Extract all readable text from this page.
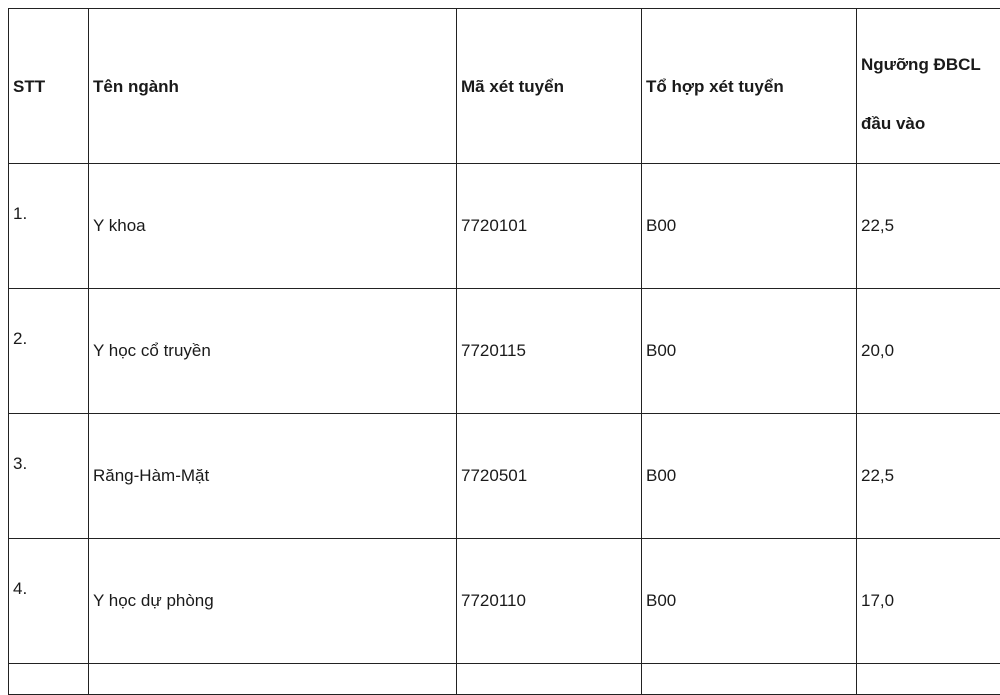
STT	Tên ngành	Mã xét tuyển	Tổ hợp xét tuyển	Ngưỡng ĐBCL
đầu vào

1.	Y khoa	7720101	B00	22,5

2.	Y học cổ truyền	7720115	B00	20,0

3.	Răng-Hàm-Mặt	7720501	B00	22,5

4.	Y học dự phòng	7720110	B00	17,0
